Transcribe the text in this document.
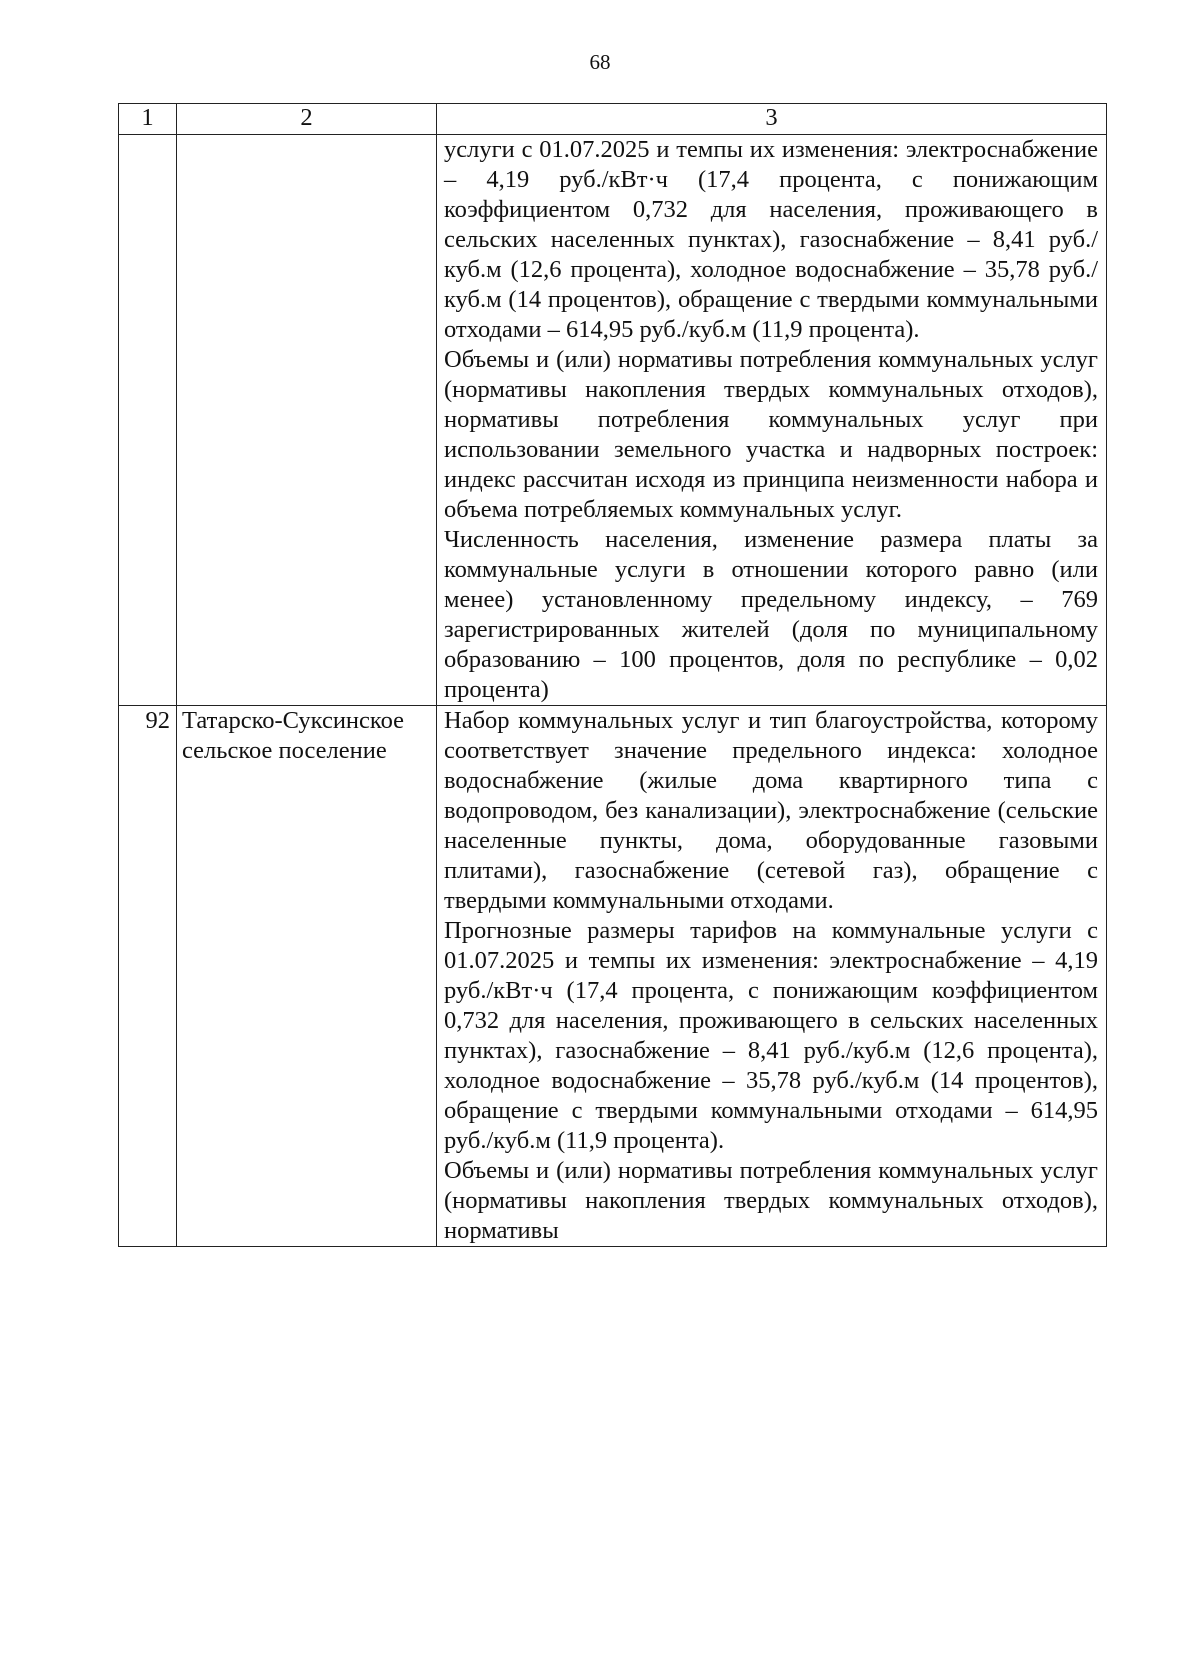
68
1	2	3

		услуги с 01.07.2025 и темпы их изменения: электроснабжение – 4,19 руб./кВт·ч (17,4 процента, с понижающим коэффициентом 0,732 для населения, проживающего в сельских населенных пунктах), газоснабжение – 8,41 руб./куб.м (12,6 процента), холодное водоснабжение – 35,78 руб./куб.м (14 процентов), обращение с твердыми коммунальными отходами – 614,95 руб./куб.м (11,9 процента).
Объемы и (или) нормативы потребления коммунальных услуг (нормативы накопления твердых коммунальных отходов), нормативы потребления коммунальных услуг при использовании земельного участка и надворных построек: индекс рассчитан исходя из принципа неизменности набора и объема потребляемых коммунальных услуг.
Численность населения, изменение размера платы за коммунальные услуги в отношении которого равно (или менее) установленному предельному индексу, – 769 зарегистрированных жителей (доля по муниципальному образованию – 100 процентов, доля по республике – 0,02 процента)

92	Татарско-Суксинское сельское поселение	Набор коммунальных услуг и тип благоустройства, которому соответствует значение предельного индекса: холодное водоснабжение (жилые дома квартирного типа с водопроводом, без канализации), электроснабжение (сельские населенные пункты, дома, оборудованные газовыми плитами), газоснабжение (сетевой газ), обращение с твердыми коммунальными отходами.
Прогнозные размеры тарифов на коммунальные услуги с 01.07.2025 и темпы их изменения: электроснабжение – 4,19 руб./кВт·ч (17,4 процента, с понижающим коэффициентом 0,732 для населения, проживающего в сельских населенных пунктах), газоснабжение – 8,41 руб./куб.м (12,6 процента), холодное водоснабжение – 35,78 руб./куб.м (14 процентов), обращение с твердыми коммунальными отходами – 614,95 руб./куб.м (11,9 процента).
Объемы и (или) нормативы потребления коммунальных услуг (нормативы накопления твердых коммунальных отходов), нормативы
